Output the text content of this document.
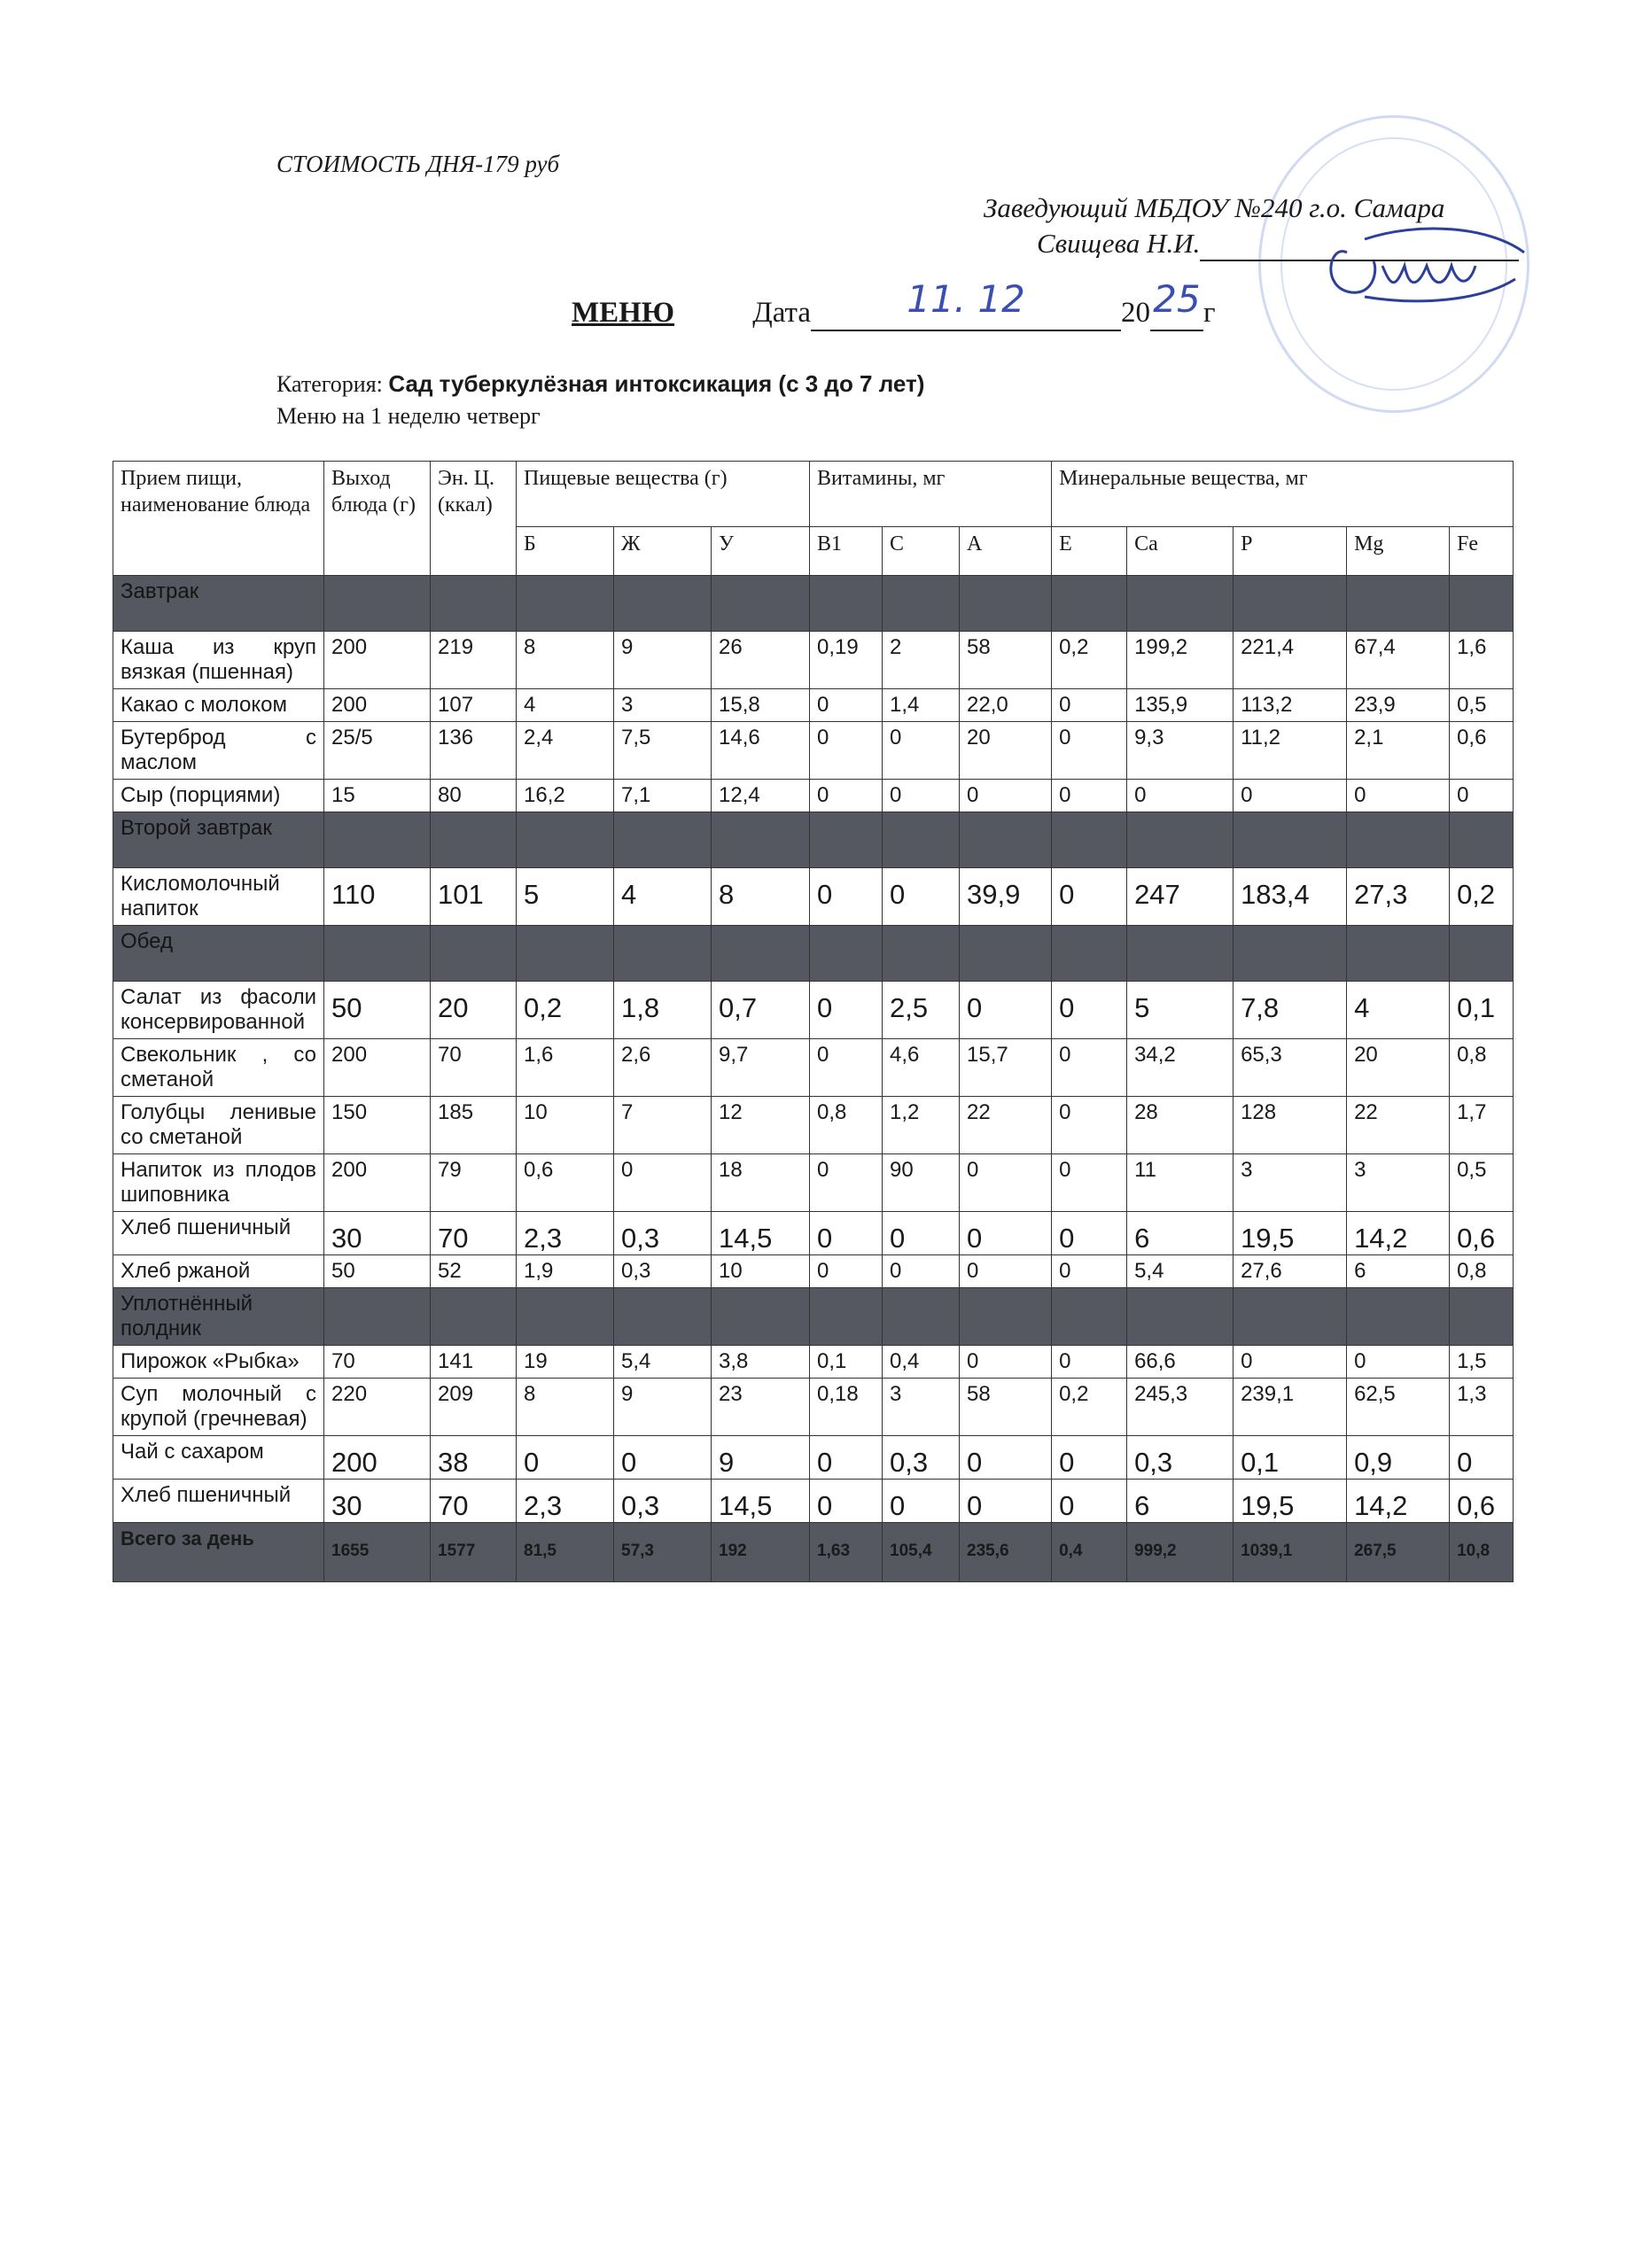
СТОИМОСТЬ ДНЯ-179 руб
Заведующий МБДОУ №240 г.о. Самара
Свищева Н.И.
МЕНЮ	Дата	11. 12	20 25 г
Категория: Сад туберкулёзная интоксикация (с 3 до 7 лет)
Меню на 1 неделю четверг
Прием пищи, наименование блюда	Выход блюда (г)	Эн. Ц.(ккал)	Пищевые вещества (г)			Витамины, мг			Минеральные вещества, мг				
			Б	Ж	У	B1	С	А	Е	Ca	P	Mg	Fe
Завтрак													
Каша из круп вязкая (пшенная)	200	219	8	9	26	0,19	2	58	0,2	199,2	221,4	67,4	1,6
Какао с молоком	200	107	4	3	15,8	0	1,4	22,0	0	135,9	113,2	23,9	0,5
Бутерброд с маслом	25/5	136	2,4	7,5	14,6	0	0	20	0	9,3	11,2	2,1	0,6
Сыр (порциями)	15	80	16,2	7,1	12,4	0	0	0	0	0	0	0	0
Второй завтрак													
Кисломолочный напиток	110	101	5	4	8	0	0	39,9	0	247	183,4	27,3	0,2
Обед													
Салат из фасоли консервированной	50	20	0,2	1,8	0,7	0	2,5	0	0	5	7,8	4	0,1
Свекольник , со сметаной	200	70	1,6	2,6	9,7	0	4,6	15,7	0	34,2	65,3	20	0,8
Голубцы ленивые со сметаной	150	185	10	7	12	0,8	1,2	22	0	28	128	22	1,7
Напиток из плодов шиповника	200	79	0,6	0	18	0	90	0	0	11	3	3	0,5
Хлеб пшеничный	30	70	2,3	0,3	14,5	0	0	0	0	6	19,5	14,2	0,6
Хлеб ржаной	50	52	1,9	0,3	10	0	0	0	0	5,4	27,6	6	0,8
Уплотнённый полдник													
Пирожок «Рыбка»	70	141	19	5,4	3,8	0,1	0,4	0	0	66,6	0	0	1,5
Суп молочный с крупой (гречневая)	220	209	8	9	23	0,18	3	58	0,2	245,3	239,1	62,5	1,3
Чай с сахаром	200	38	0	0	9	0	0,3	0	0	0,3	0,1	0,9	0
Хлеб пшеничный	30	70	2,3	0,3	14,5	0	0	0	0	6	19,5	14,2	0,6
Всего за день	1655	1577	81,5	57,3	192	1,63	105,4	235,6	0,4	999,2	1039,1	267,5	10,8
